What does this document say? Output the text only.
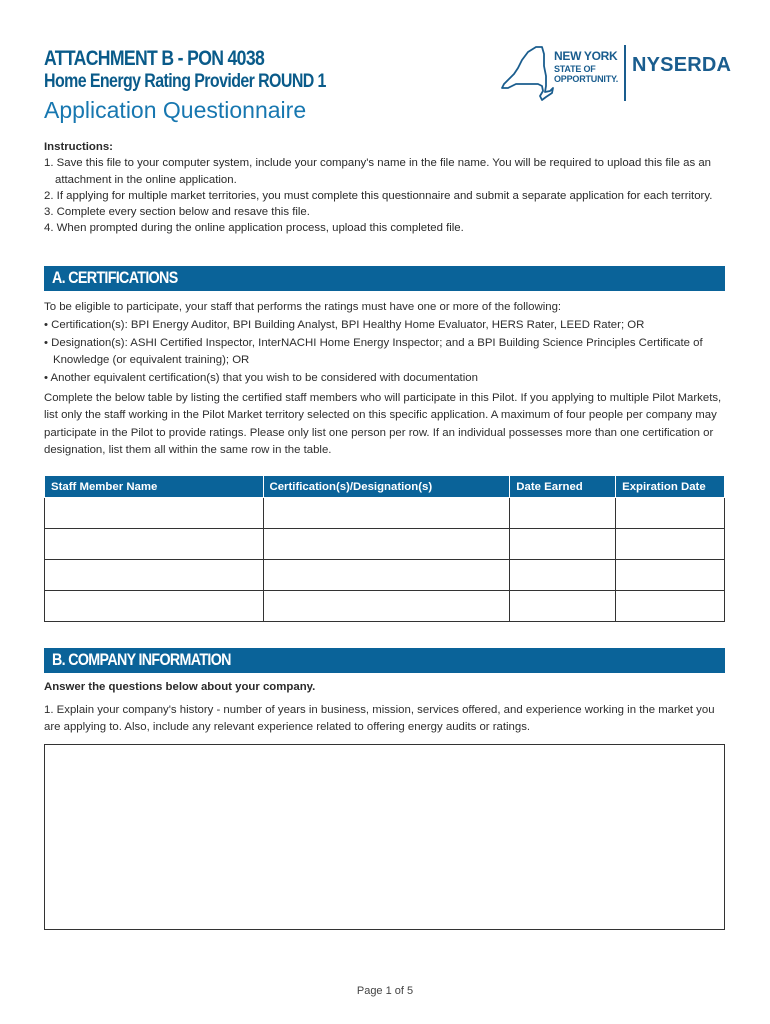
ATTACHMENT B - PON 4038
Home Energy Rating Provider ROUND 1
Application Questionnaire
NEW YORK
STATE OF
OPPORTUNITY.
NYSERDA
Instructions:
1. Save this file to your computer system, include your company's name in the file name. You will be required to upload this file as an attachment in the online application.
2. If applying for multiple market territories, you must complete this questionnaire and submit a separate application for each territory.
3. Complete every section below and resave this file.
4. When prompted during the online application process, upload this completed file.
A. CERTIFICATIONS
To be eligible to participate, your staff that performs the ratings must have one or more of the following:
• Certification(s): BPI Energy Auditor, BPI Building Analyst, BPI Healthy Home Evaluator, HERS Rater, LEED Rater; OR
• Designation(s): ASHI Certified Inspector, InterNACHI Home Energy Inspector; and a BPI Building Science Principles Certificate of Knowledge (or equivalent training); OR
• Another equivalent certification(s) that you wish to be considered with documentation
Complete the below table by listing the certified staff members who will participate in this Pilot. If you applying to multiple Pilot Markets, list only the staff working in the Pilot Market territory selected on this specific application. A maximum of four people per company may participate in the Pilot to provide ratings. Please only list one person per row. If an individual possesses more than one certification or designation, list them all within the same row in the table.
Staff Member Name	Certification(s)/Designation(s)	Date Earned	Expiration Date

B. COMPANY INFORMATION
Answer the questions below about your company.
1. Explain your company's history - number of years in business, mission, services offered, and experience working in the market you are applying to. Also, include any relevant experience related to offering energy audits or ratings.
Page 1 of 5
